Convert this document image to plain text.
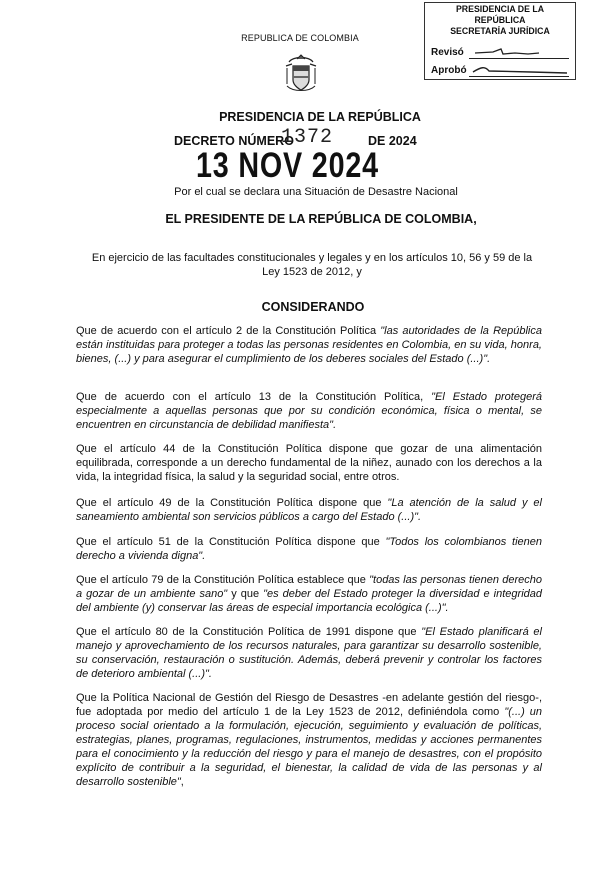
PRESIDENCIA DE LA REPÚBLICA
SECRETARÍA JURÍDICA
Revisó
Aprobó
REPUBLICA DE COLOMBIA
PRESIDENCIA DE LA REPÚBLICA
DECRETO NÚMERO
1372	DE 2024
13 NOV 2024
Por el cual se declara una Situación de Desastre Nacional
EL PRESIDENTE DE LA REPÚBLICA DE COLOMBIA,
En ejercicio de las facultades constitucionales y legales y en los artículos 10, 56 y 59 de la Ley 1523 de 2012, y
CONSIDERANDO
Que de acuerdo con el artículo 2 de la Constitución Política "las autoridades de la República están instituidas para proteger a todas las personas residentes en Colombia, en su vida, honra, bienes, (...) y para asegurar el cumplimiento de los deberes sociales del Estado (...)".
Que de acuerdo con el artículo 13 de la Constitución Política, "El Estado protegerá especialmente a aquellas personas que por su condición económica, física o mental, se encuentren en circunstancia de debilidad manifiesta".
Que el artículo 44 de la Constitución Política dispone que gozar de una alimentación equilibrada, corresponde a un derecho fundamental de la niñez, aunado con los derechos a la vida, la integridad física, la salud y la seguridad social, entre otros.
Que el artículo 49 de la Constitución Política dispone que "La atención de la salud y el saneamiento ambiental son servicios públicos a cargo del Estado (...)".
Que el artículo 51 de la Constitución Política dispone que "Todos los colombianos tienen derecho a vivienda digna".
Que el artículo 79 de la Constitución Política establece que "todas las personas tienen derecho a gozar de un ambiente sano" y que "es deber del Estado proteger la diversidad e integridad del ambiente (y) conservar las áreas de especial importancia ecológica (...)".
Que el artículo 80 de la Constitución Política de 1991 dispone que "El Estado planificará el manejo y aprovechamiento de los recursos naturales, para garantizar su desarrollo sostenible, su conservación, restauración o sustitución. Además, deberá prevenir y controlar los factores de deterioro ambiental (...)".
Que la Política Nacional de Gestión del Riesgo de Desastres -en adelante gestión del riesgo-, fue adoptada por medio del artículo 1 de la Ley 1523 de 2012, definiéndola como "(...) un proceso social orientado a la formulación, ejecución, seguimiento y evaluación de políticas, estrategias, planes, programas, regulaciones, instrumentos, medidas y acciones permanentes para el conocimiento y la reducción del riesgo y para el manejo de desastres, con el propósito explícito de contribuir a la seguridad, el bienestar, la calidad de vida de las personas y al desarrollo sostenible",
